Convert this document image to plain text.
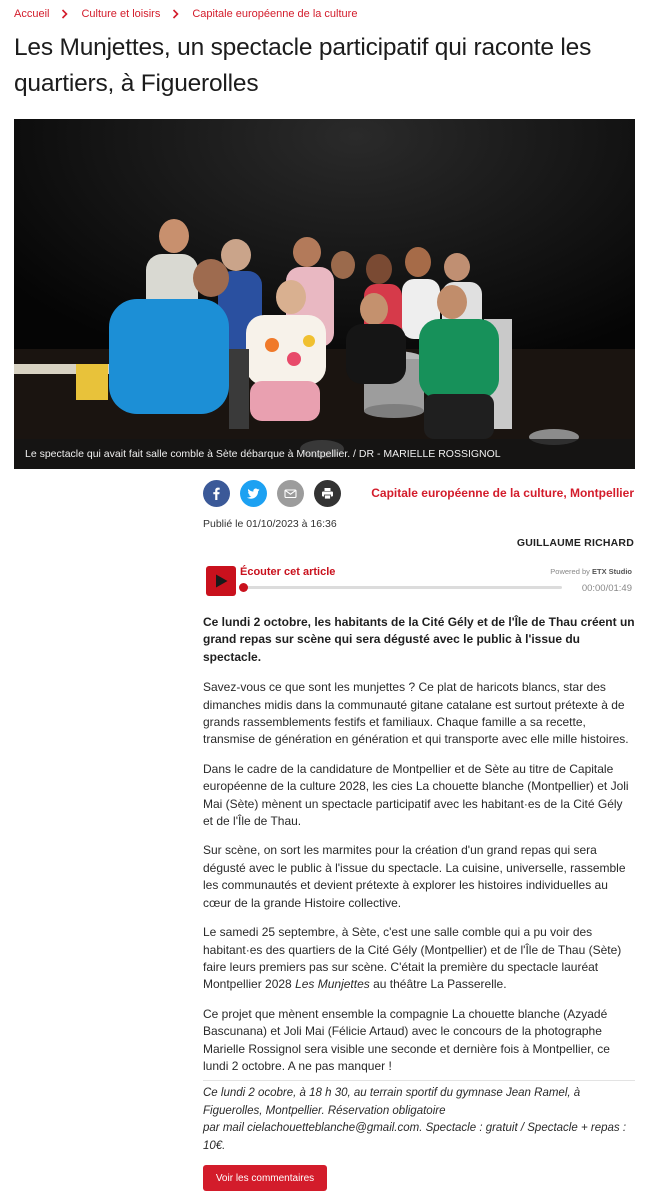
Accueil	Culture et loisirs	Capitale européenne de la culture
Les Munjettes, un spectacle participatif qui raconte les quartiers, à Figuerolles
Le spectacle qui avait fait salle comble à Sète débarque à Montpellier. / DR - MARIELLE ROSSIGNOL
Capitale européenne de la culture, Montpellier
Publié le 01/10/2023 à 16:36
GUILLAUME RICHARD
Écouter cet article	Powered by ETX Studio
00:00/01:49

Ce lundi 2 octobre, les habitants de la Cité Gély et de l'Île de Thau créent un grand repas sur scène qui sera dégusté avec le public à l'issue du spectacle.

Savez-vous ce que sont les munjettes ? Ce plat de haricots blancs, star des dimanches midis dans la communauté gitane catalane est surtout prétexte à de grands rassemblements festifs et familiaux. Chaque famille a sa recette, transmise de génération en génération et qui transporte avec elle mille histoires.

Dans le cadre de la candidature de Montpellier et de Sète au titre de Capitale européenne de la culture 2028, les cies La chouette blanche (Montpellier) et Joli Mai (Sète) mènent un spectacle participatif avec les habitant·es de la Cité Gély et de l'Île de Thau.

Sur scène, on sort les marmites pour la création d'un grand repas qui sera dégusté avec le public à l'issue du spectacle. La cuisine, universelle, rassemble les communautés et devient prétexte à explorer les histoires individuelles au cœur de la grande Histoire collective.

Le samedi 25 septembre, à Sète, c'est une salle comble qui a pu voir des habitant·es des quartiers de la Cité Gély (Montpellier) et de l'Île de Thau (Sète) faire leurs premiers pas sur scène. C'était la première du spectacle lauréat Montpellier 2028 Les Munjettes au théâtre La Passerelle.

Ce projet que mènent ensemble la compagnie La chouette blanche (Azyadé Bascunana) et Joli Mai (Félicie Artaud) avec le concours de la photographe Marielle Rossignol sera visible une seconde et dernière fois à Montpellier, ce lundi 2 octobre. A ne pas manquer !

Ce lundi 2 ocobre, à 18 h 30, au terrain sportif du gymnase Jean Ramel, à Figuerolles, Montpellier. Réservation obligatoire
par mail cielachouetteblanche@gmail.com. Spectacle : gratuit / Spectacle + repas : 10€.
Voir les commentaires
